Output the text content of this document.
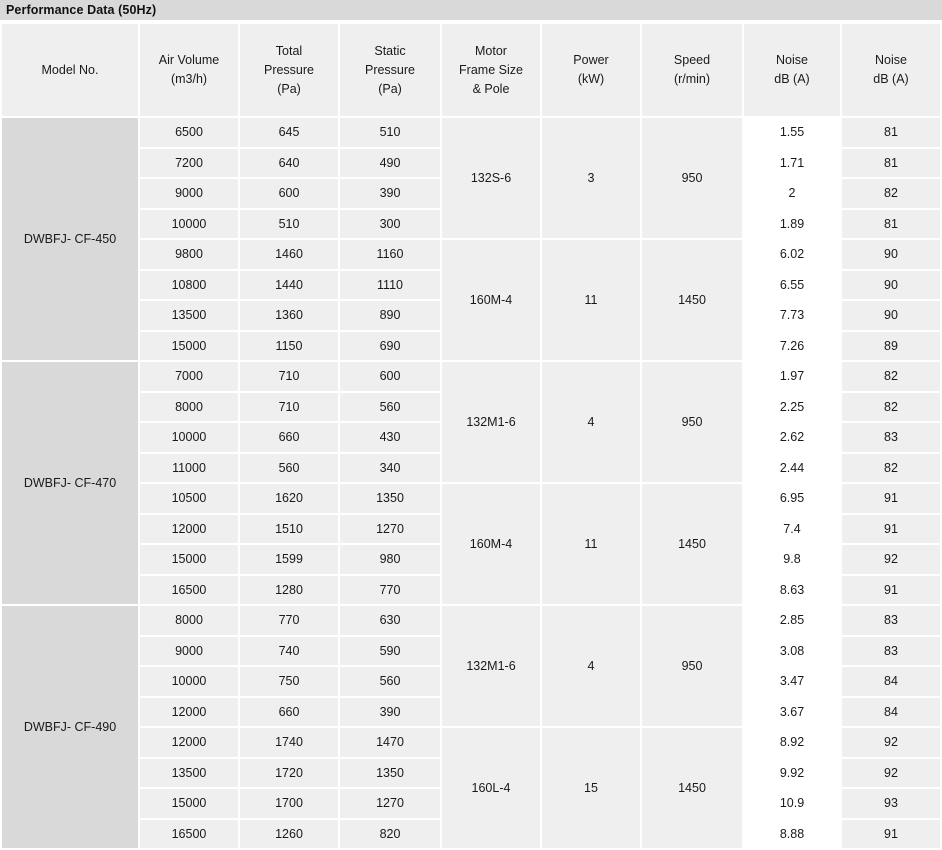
Performance Data (50Hz)
Model No.	Air Volume
(m3/h)	Total
Pressure
(Pa)	Static
Pressure
(Pa)	Motor
Frame Size
& Pole	Power
(kW)	Speed
(r/min)	Noise
dB (A)	Noise
dB (A)

DWBFJ- CF-450	6500	645	510	132S-6	3	950	1.55	81
	7200	640	490				1.71	81
	9000	600	390				2	82
	10000	510	300				1.89	81
	9800	1460	1160	160M-4	11	1450	6.02	90
	10800	1440	1110				6.55	90
	13500	1360	890				7.73	90
	15000	1150	690				7.26	89
DWBFJ- CF-470	7000	710	600	132M1-6	4	950	1.97	82
	8000	710	560				2.25	82
	10000	660	430				2.62	83
	11000	560	340				2.44	82
	10500	1620	1350	160M-4	11	1450	6.95	91
	12000	1510	1270				7.4	91
	15000	1599	980				9.8	92
	16500	1280	770				8.63	91
DWBFJ- CF-490	8000	770	630	132M1-6	4	950	2.85	83
	9000	740	590				3.08	83
	10000	750	560				3.47	84
	12000	660	390				3.67	84
	12000	1740	1470	160L-4	15	1450	8.92	92
	13500	1720	1350				9.92	92
	15000	1700	1270				10.9	93
	16500	1260	820				8.88	91
